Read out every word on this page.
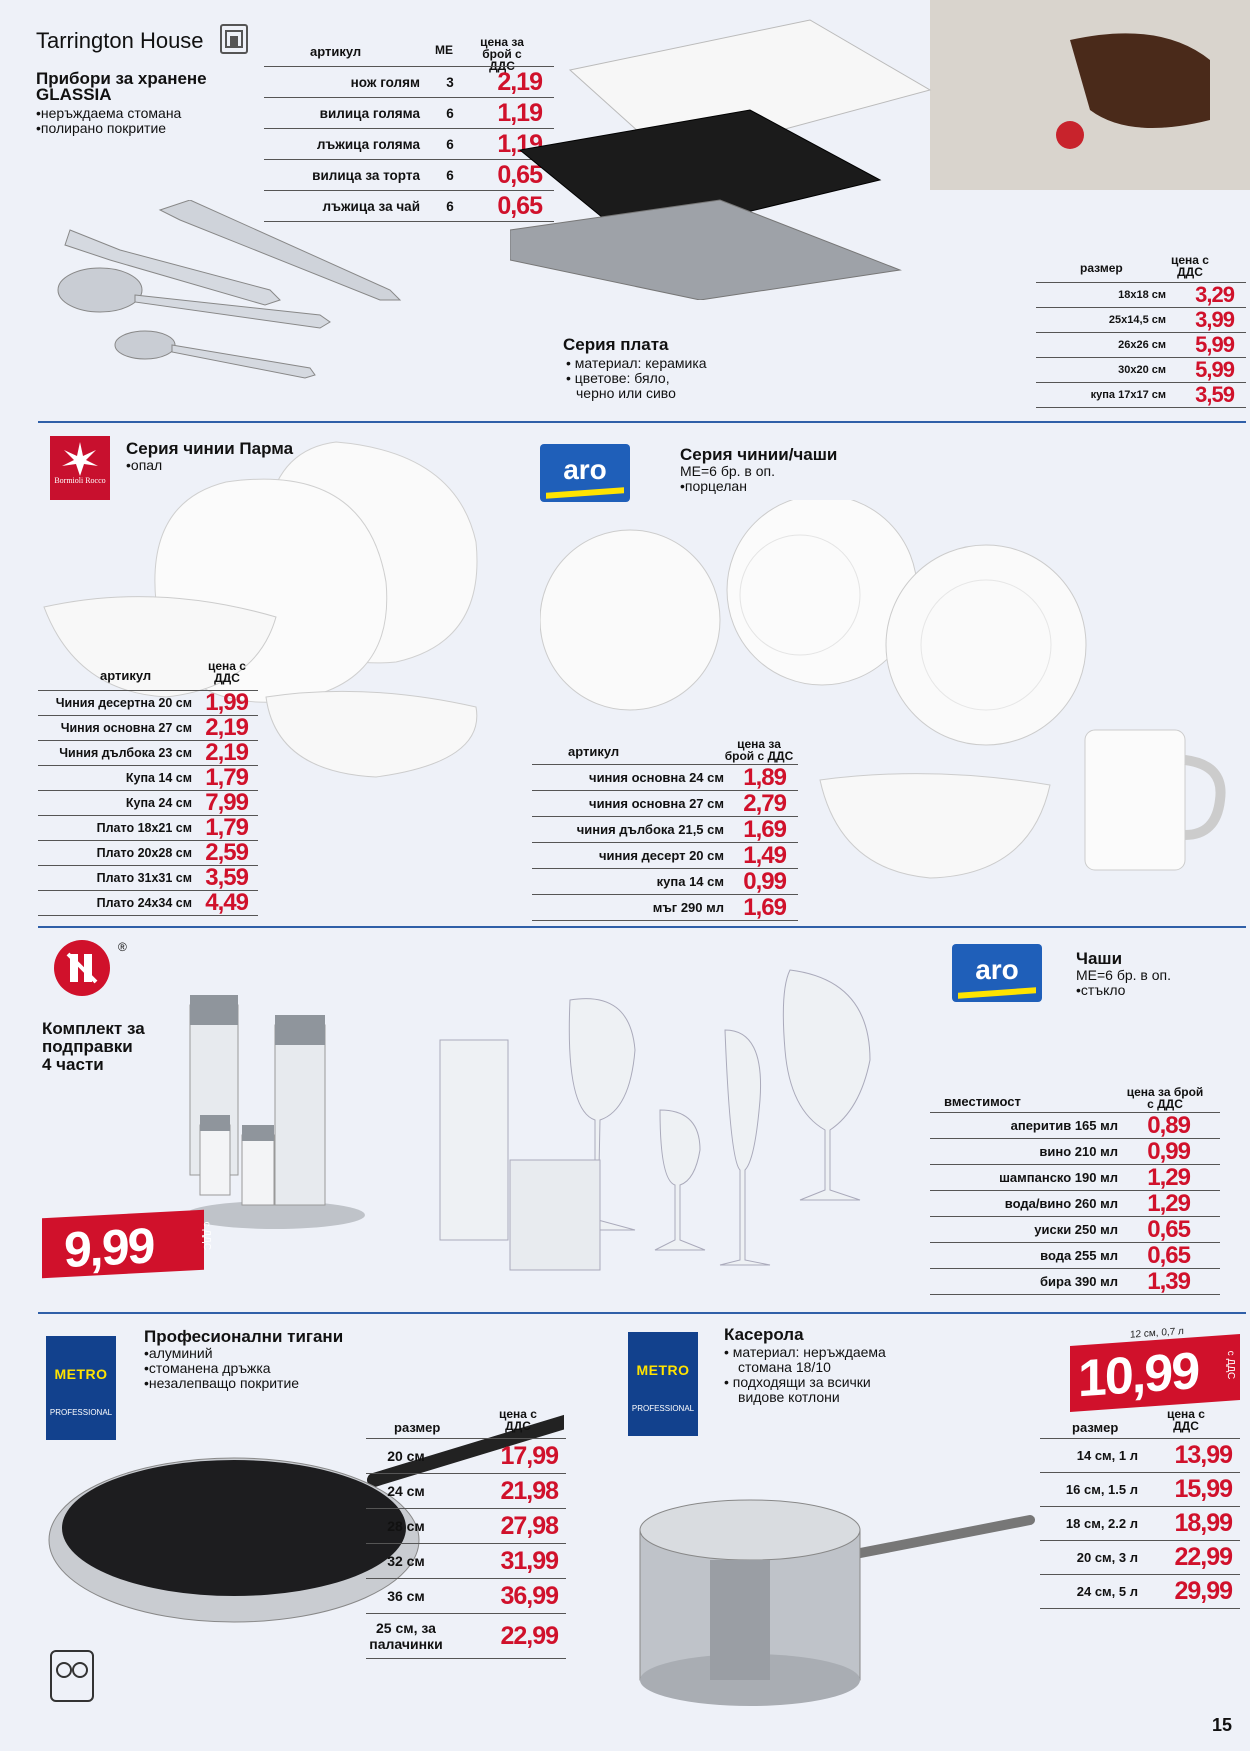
Tarrington House
Прибори за хранене
GLASSIA
•неръждаема стомана
•полирано покритие
артикул	МЕ
цена за брой с ДДС
нож голям	3	2,19
вилица голяма	6	1,19
лъжица голяма	6	1,19
вилица за торта	6	0,65
лъжица за чай	6	0,65
Серия плата
• материал: керамика
• цветове: бяло,
черно или сиво
размер
цена с ДДС
18x18 см	3,29
25x14,5 см	3,99
26x26 см	5,99
30x20 см	5,99
купа 17x17 см	3,59
Bormioli Rocco
Серия чинии Парма
•опал
артикул
цена с ДДС
Чиния десертна 20 см 1,99
Чиния основна 27 см 2,19
Чиния дълбока 23 см 2,19
Купа 14 см 1,79
Купа 24 см 7,99
Плато 18x21 см 1,79
Плато 20x28 см 2,59
Плато 31x31 см 3,59
Плато 24x34 см 4,49
aro	Серия чинии/чаши
МЕ=6 бр. в оп.
•порцелан
артикул	цена за брой с ДДС
чиния основна 24 см 1,89
чиния основна 27 см 2,79
чиния дълбока 21,5 см 1,69
чиния десерт 20 см 1,49
купа 14 см 0,99
мъг 290 мл 1,69
®
Комплект за
подправки
4 части
9,99	с ДДС
aro	Чаши
МЕ=6 бр. в оп.
•стъкло
вместимост
цена за брой с ДДС
аперитив 165 мл	0,89
вино 210 мл	0,99
шампанско 190 мл	1,29
вода/вино 260 мл	1,29
уиски 250 мл	0,65
вода 255 мл	0,65
бира 390 мл	1,39
METRO
PROFESSIONAL
Професионални тигани
•алуминий
•стоманена дръжка
•незалепващо покритие
размер
цена с ДДС
20 см	17,99
24 см	21,98
28 см	27,98
32 см	31,99
36 см	36,99
25 см, за
палачинки	22,99
METRO
PROFESSIONAL
Касерола
• материал: неръждаема
стомана 18/10
• подходящи за всички
видове котлони
12 см, 0,7 л
10,99	с ДДС
размер
цена с ДДС
14 см, 1 л	13,99
16 см, 1.5 л	15,99
18 см, 2.2 л	18,99
20 см, 3 л	22,99
24 см, 5 л	29,99
15
